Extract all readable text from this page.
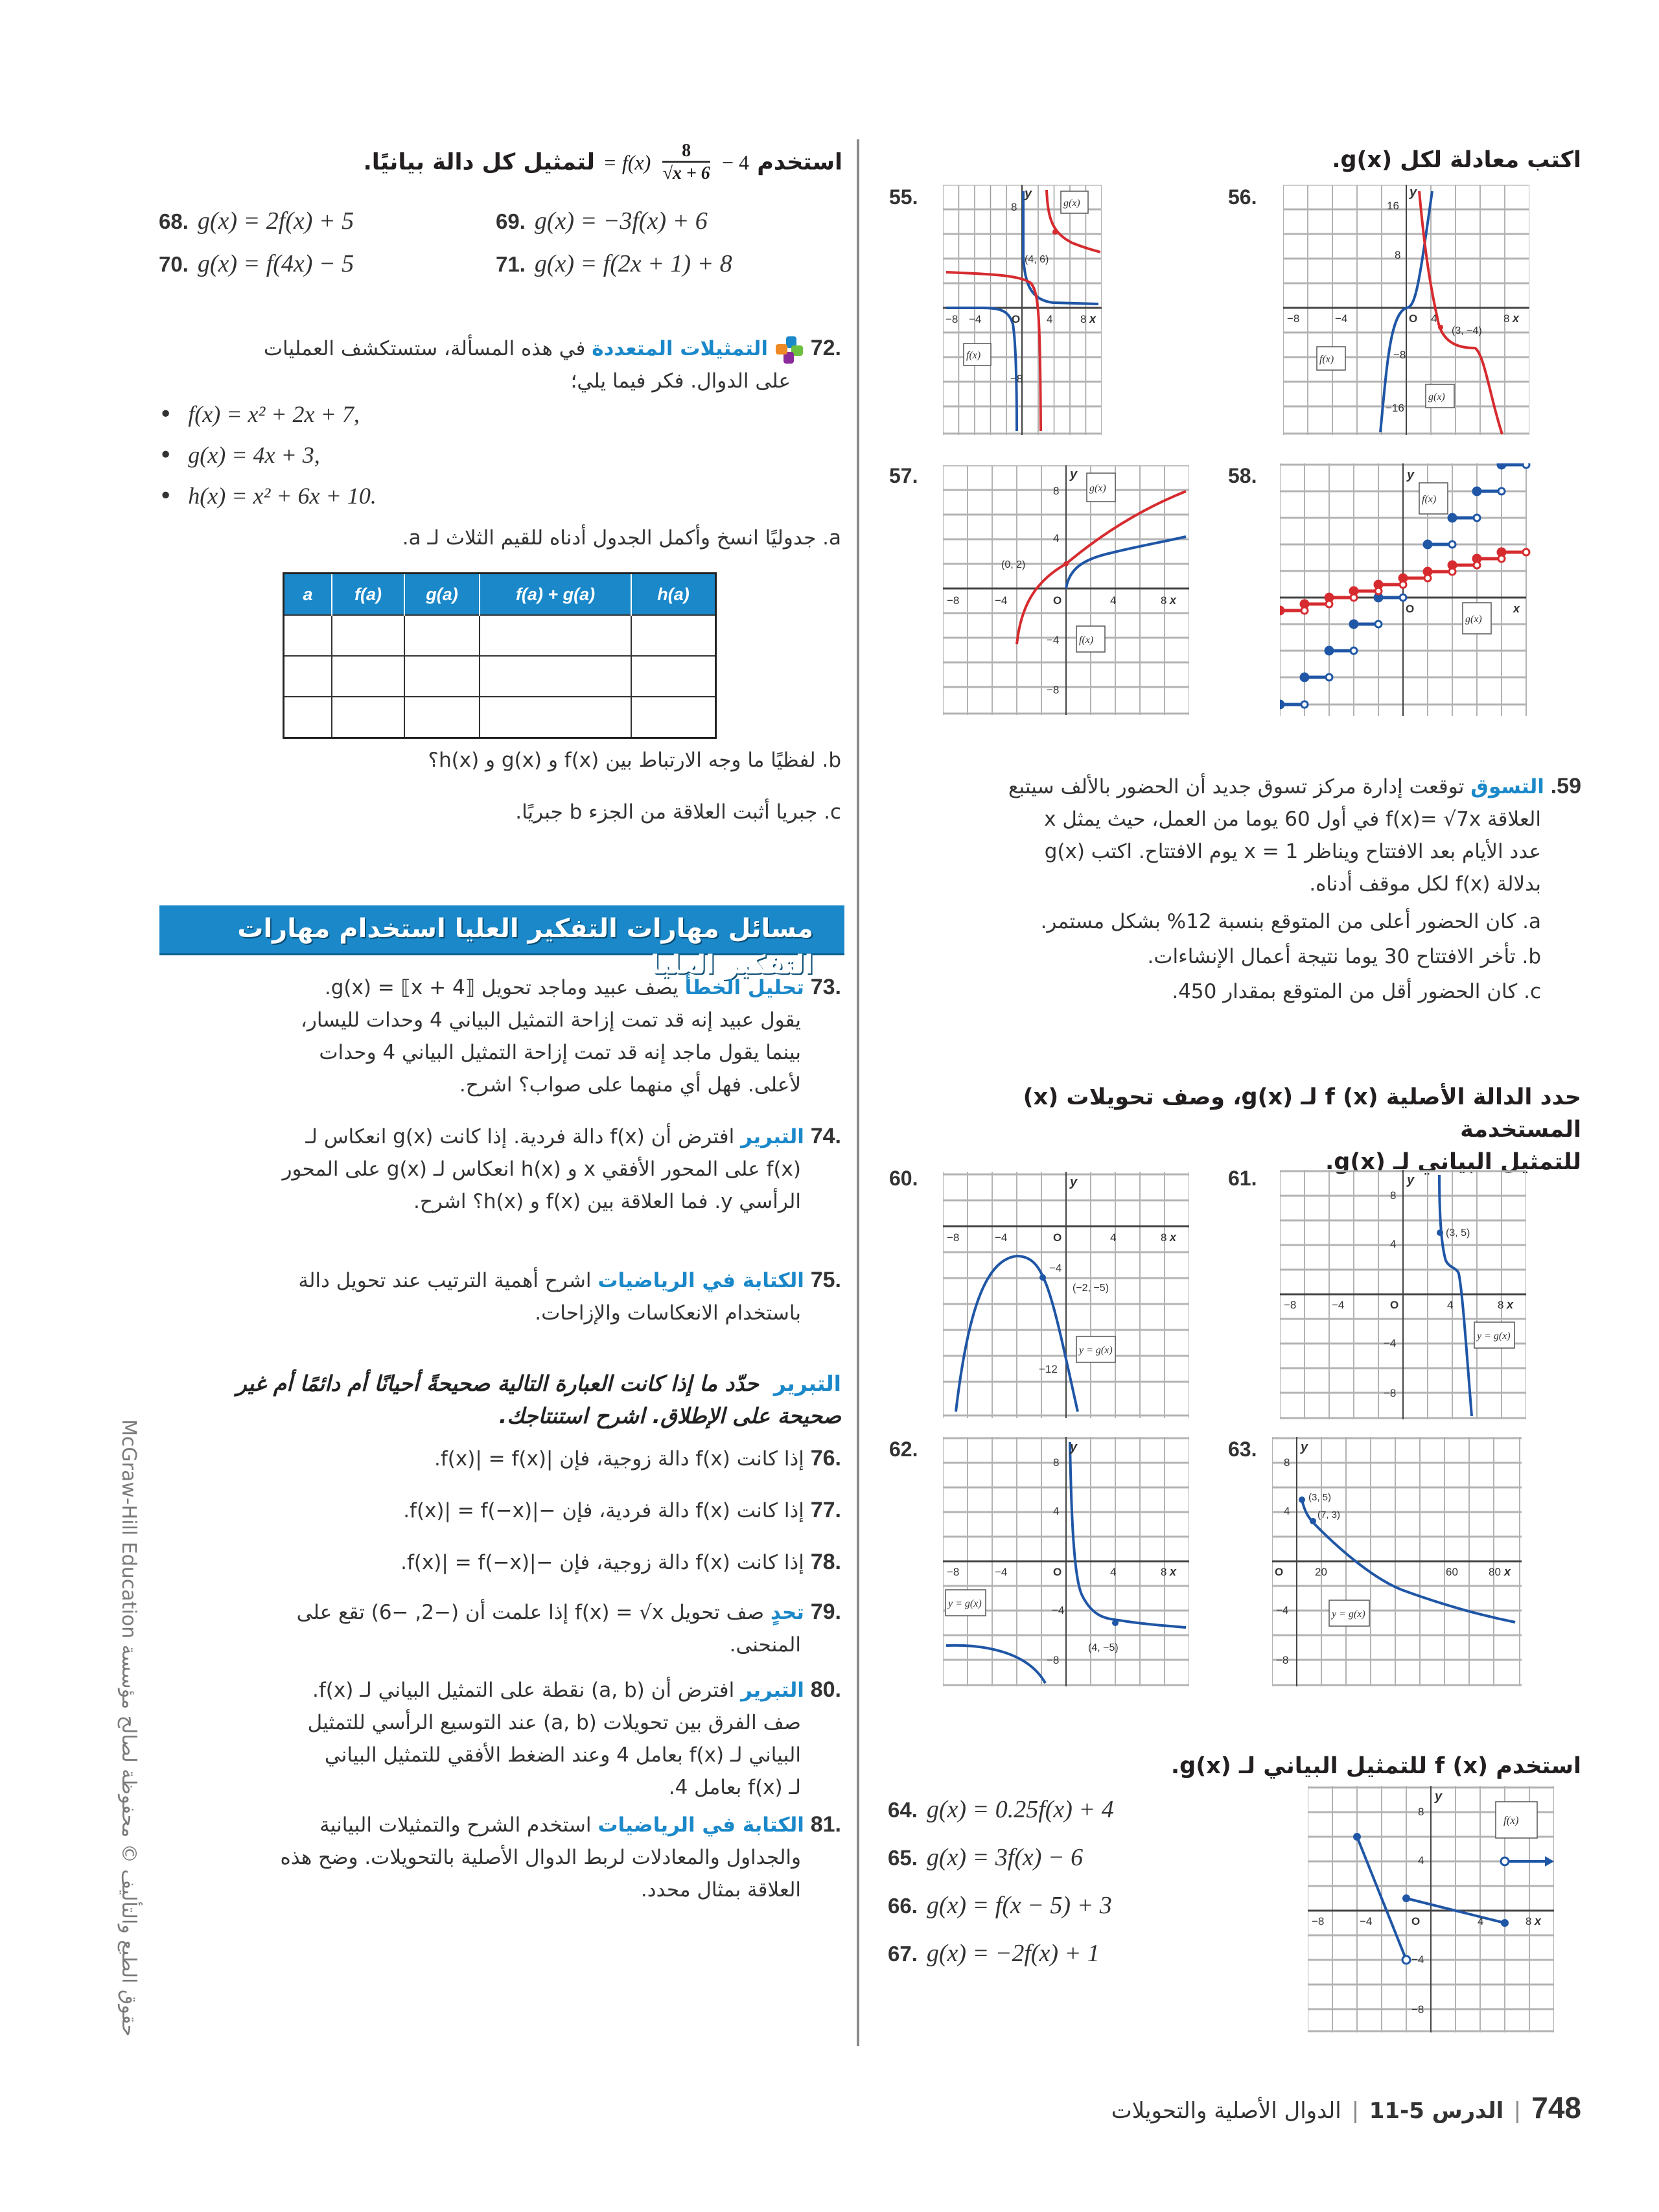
اكتب معادلة لكل g(x).
55.	8
y
(4, 6)
−8 −4	O 4	8 x
−8
g(x)
f(x)
56.	16
8
y
−8	−4	O 4	8 x
(3, −4)
−8
−16
f(x)
g(x)
57.
8
4
y
(0, 2)
−8	−4	O	4	8 x
−4
−8
g(x)
f(x)
58.	y
O	x
f(x)
g(x)
59. التسوق توقعت إدارة مركز تسوق جديد أن الحضور بالألف سيتبع
العلاقة f(x)= √7x في أول 60 يوما من العمل، حيث يمثل x
عدد الأيام بعد الافتتاح ويناظر x = 1 يوم الافتتاح. اكتب g(x)
بدلالة f(x) لكل موقف أدناه.
a. كان الحضور أعلى من المتوقع بنسبة 12% بشكل مستمر.
b. تأخر الافتتاح 30 يوما نتيجة أعمال الإنشاءات.
c. كان الحضور أقل من المتوقع بمقدار 450.
حدد الدالة الأصلية f (x) لـ g(x)، وصف تحويلات (x) المستخدمة
للتمثيل البياني لـ g(x).
60.	y
−8	−4	O	4	8 x
−4
(−2, −5)
−12
y = g(x)
61.	y
8
(3, 5)
4
−8	−4	O	4	8 x
−4
−8
y = g(x)
62.	y
8
4
−8	−4	O	4	8 x
−4
−8
(4, −5)
y = g(x)
63.	y
8
4
(3, 5)
(7, 3)
O	20	60	80 x
−4
−8
y = g(x)
استخدم f (x) للتمثيل البياني لـ g(x).
64. g(x) = 0.25f(x) + 4
65. g(x) = 3f(x) − 6
66. g(x) = f(x − 5) + 3
67. g(x) = −2f(x) + 1
y
8
4
−8	−4	O	4	8 x
−4
−8
f(x)
استخدم 4 −
$\frac{8}{√x + 6}$
f(x) = لتمثيل كل دالة بيانيًا.
68. g(x) = 2f(x) + 5	69. g(x) = −3f(x) + 6
70. g(x) = f(4x) − 5	71. g(x) = f(2x + 1) + 8
.72  التمثيلات المتعددة في هذه المسألة، ستستكشف العمليات
على الدوال. فكر فيما يلي؛
• f(x) = x² + 2x + 7,
• g(x) = 4x + 3,
• h(x) = x² + 6x + 10.
a. جدوليًا انسخ وأكمل الجدول أدناه للقيم الثلاث لـ a.
a	f(a)	g(a)	f(a) + g(a)	h(a)

b. لفظيًا ما وجه الارتباط بين f(x) و g(x) و h(x)؟
c. جبريا أثبت العلاقة من الجزء b جبريًا.
مسائل مهارات التفكير العليا استخدام مهارات التفكير العليا
.73 تحليل الخطأ يصف عبيد وماجد تحويل g(x) = ⟦x + 4⟧.
يقول عبيد إنه قد تمت إزاحة التمثيل البياني 4 وحدات لليسار،
بينما يقول ماجد إنه قد تمت إزاحة التمثيل البياني 4 وحدات
لأعلى. فهل أي منهما على صواب؟ اشرح.
.74 التبرير افترض أن f(x) دالة فردية. إذا كانت g(x) انعكاس لـ
f(x) على المحور الأفقي x و h(x) انعكاس لـ g(x) على المحور
الرأسي y. فما العلاقة بين f(x) و h(x)؟ اشرح.
.75 الكتابة في الرياضيات اشرح أهمية الترتيب عند تحويل دالة
باستخدام الانعكاسات والإزاحات.
التبرير  حدّد ما إذا كانت العبارة التالية صحيحةً أحيانًا أم دائمًا أم غير
صحيحة على الإطلاق. اشرح استنتاجك.
.76 إذا كانت f(x) دالة زوجية، فإن |f(x)| = f(x).
.77 إذا كانت f(x) دالة فردية، فإن −|f(x)| = f(−x).
.78 إذا كانت f(x) دالة زوجية، فإن −|f(x)| = f(−x).
.79 تحدٍ صف تحويل f(x) = √x إذا علمت أن (−2, −6) تقع على
المنحنى.
.80 التبرير افترض أن (a, b) نقطة على التمثيل البياني لـ f(x).
صف الفرق بين تحويلات (a, b) عند التوسيع الرأسي للتمثيل
البياني لـ f(x) بعامل 4 وعند الضغط الأفقي للتمثيل البياني
لـ f(x) بعامل 4.
.81 الكتابة في الرياضيات استخدم الشرح والتمثيلات البيانية
والجداول والمعادلات لربط الدوال الأصلية بالتحويلات. وضح هذه
العلاقة بمثال محدد.
McGraw-Hill Education حقوق الطبع والتأليف © محفوظة لصالح مؤسسة
748الدرس 5-11الدوال الأصلية والتحويلات
